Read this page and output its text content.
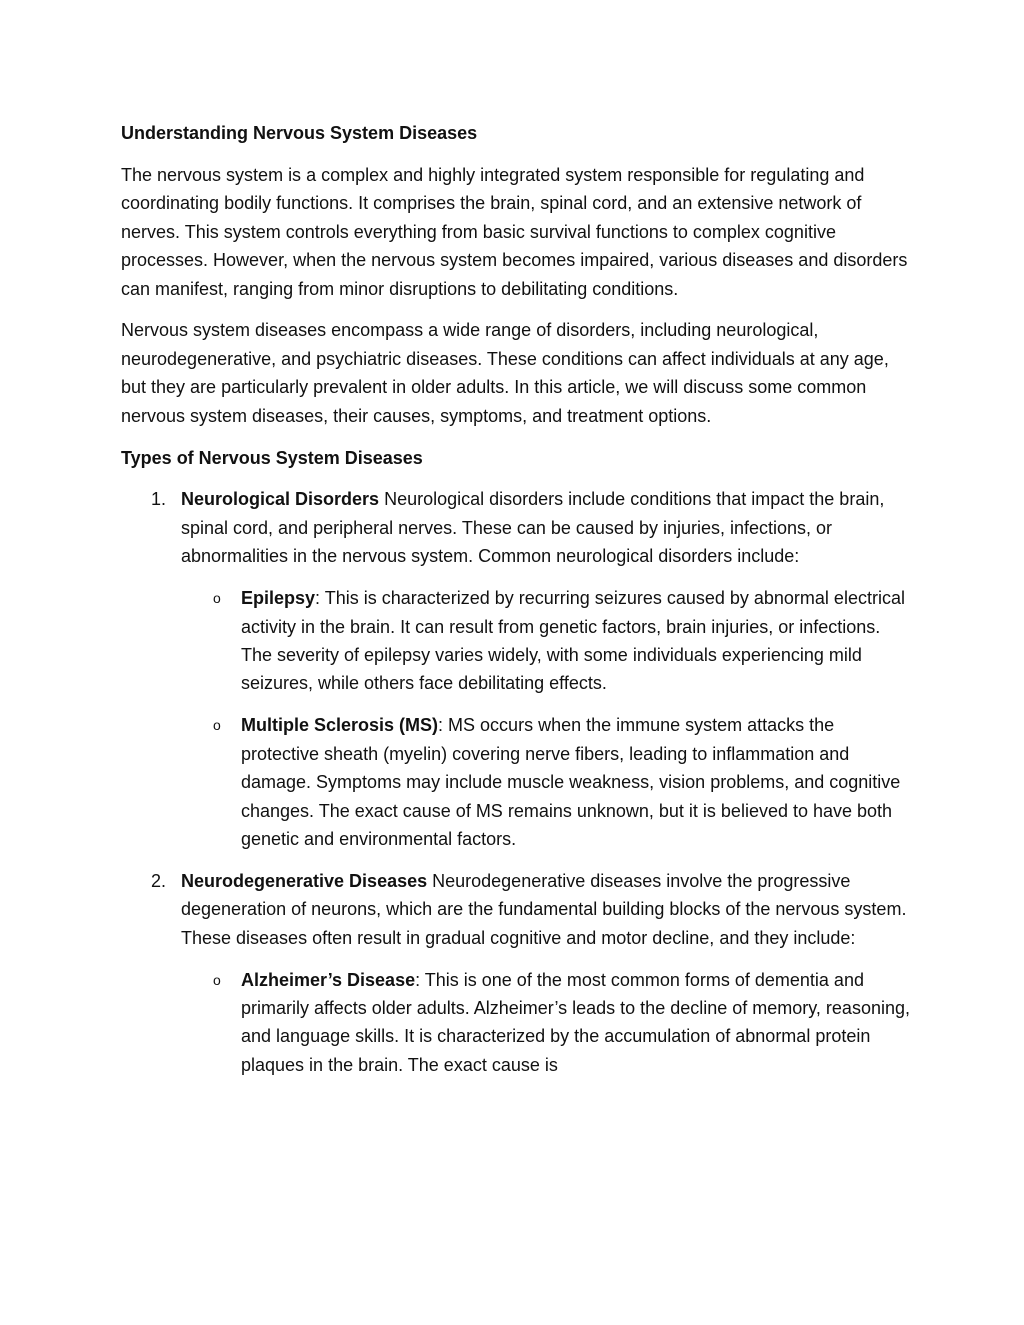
Understanding Nervous System Diseases
The nervous system is a complex and highly integrated system responsible for regulating and coordinating bodily functions. It comprises the brain, spinal cord, and an extensive network of nerves. This system controls everything from basic survival functions to complex cognitive processes. However, when the nervous system becomes impaired, various diseases and disorders can manifest, ranging from minor disruptions to debilitating conditions.
Nervous system diseases encompass a wide range of disorders, including neurological, neurodegenerative, and psychiatric diseases. These conditions can affect individuals at any age, but they are particularly prevalent in older adults. In this article, we will discuss some common nervous system diseases, their causes, symptoms, and treatment options.
Types of Nervous System Diseases
1. Neurological Disorders Neurological disorders include conditions that impact the brain, spinal cord, and peripheral nerves. These can be caused by injuries, infections, or abnormalities in the nervous system. Common neurological disorders include:
o Epilepsy: This is characterized by recurring seizures caused by abnormal electrical activity in the brain. It can result from genetic factors, brain injuries, or infections. The severity of epilepsy varies widely, with some individuals experiencing mild seizures, while others face debilitating effects.
o Multiple Sclerosis (MS): MS occurs when the immune system attacks the protective sheath (myelin) covering nerve fibers, leading to inflammation and damage. Symptoms may include muscle weakness, vision problems, and cognitive changes. The exact cause of MS remains unknown, but it is believed to have both genetic and environmental factors.
2. Neurodegenerative Diseases Neurodegenerative diseases involve the progressive degeneration of neurons, which are the fundamental building blocks of the nervous system. These diseases often result in gradual cognitive and motor decline, and they include:
o Alzheimer’s Disease: This is one of the most common forms of dementia and primarily affects older adults. Alzheimer’s leads to the decline of memory, reasoning, and language skills. It is characterized by the accumulation of abnormal protein plaques in the brain. The exact cause is
